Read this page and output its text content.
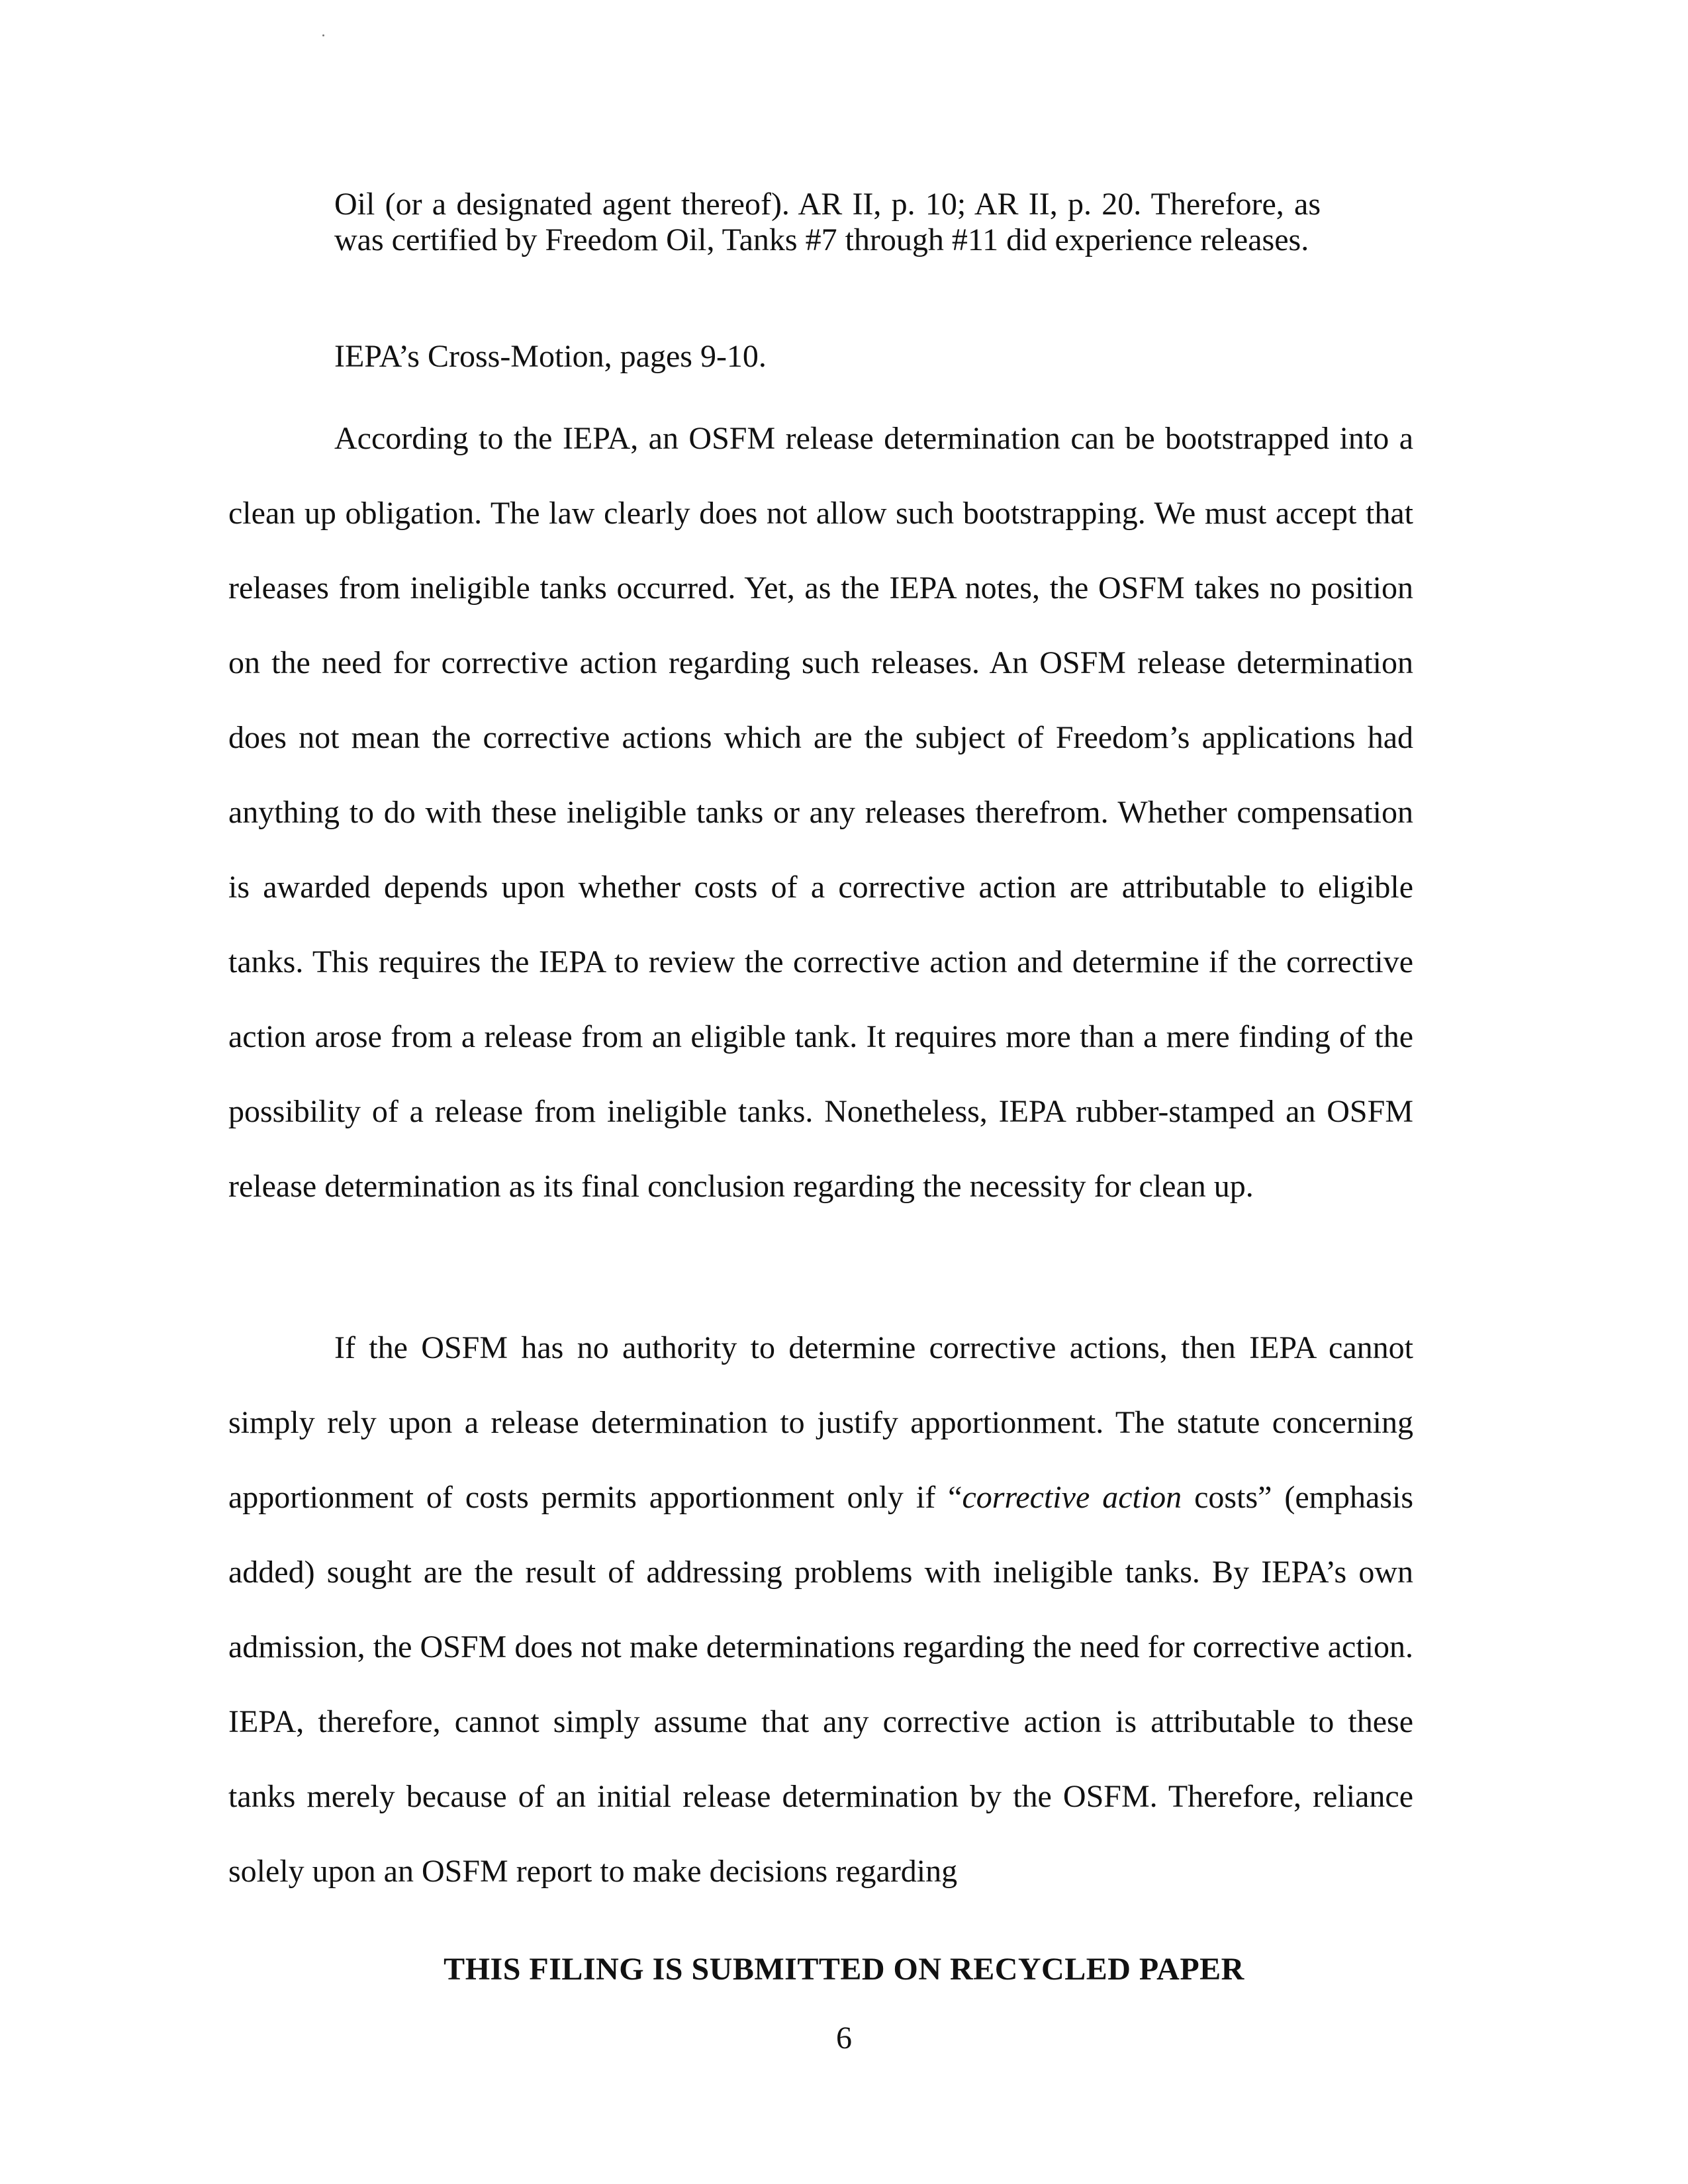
Oil (or a designated agent thereof). AR II, p. 10; AR II, p. 20. Therefore, as was certified by Freedom Oil, Tanks #7 through #11 did experience releases.

IEPA’s Cross-Motion, pages 9-10.

According to the IEPA, an OSFM release determination can be bootstrapped into a clean up obligation. The law clearly does not allow such bootstrapping. We must accept that releases from ineligible tanks occurred. Yet, as the IEPA notes, the OSFM takes no position on the need for corrective action regarding such releases. An OSFM release determination does not mean the corrective actions which are the subject of Freedom’s applications had anything to do with these ineligible tanks or any releases therefrom. Whether compensation is awarded depends upon whether costs of a corrective action are attributable to eligible tanks. This requires the IEPA to review the corrective action and determine if the corrective action arose from a release from an eligible tank. It requires more than a mere finding of the possibility of a release from ineligible tanks. Nonetheless, IEPA rubber-stamped an OSFM release determination as its final conclusion regarding the necessity for clean up.

If the OSFM has no authority to determine corrective actions, then IEPA cannot simply rely upon a release determination to justify apportionment. The statute concerning apportionment of costs permits apportionment only if “corrective action costs” (emphasis added) sought are the result of addressing problems with ineligible tanks. By IEPA’s own admission, the OSFM does not make determinations regarding the need for corrective action. IEPA, therefore, cannot simply assume that any corrective action is attributable to these tanks merely because of an initial release determination by the OSFM. Therefore, reliance solely upon an OSFM report to make decisions regarding

THIS FILING IS SUBMITTED ON RECYCLED PAPER

6
